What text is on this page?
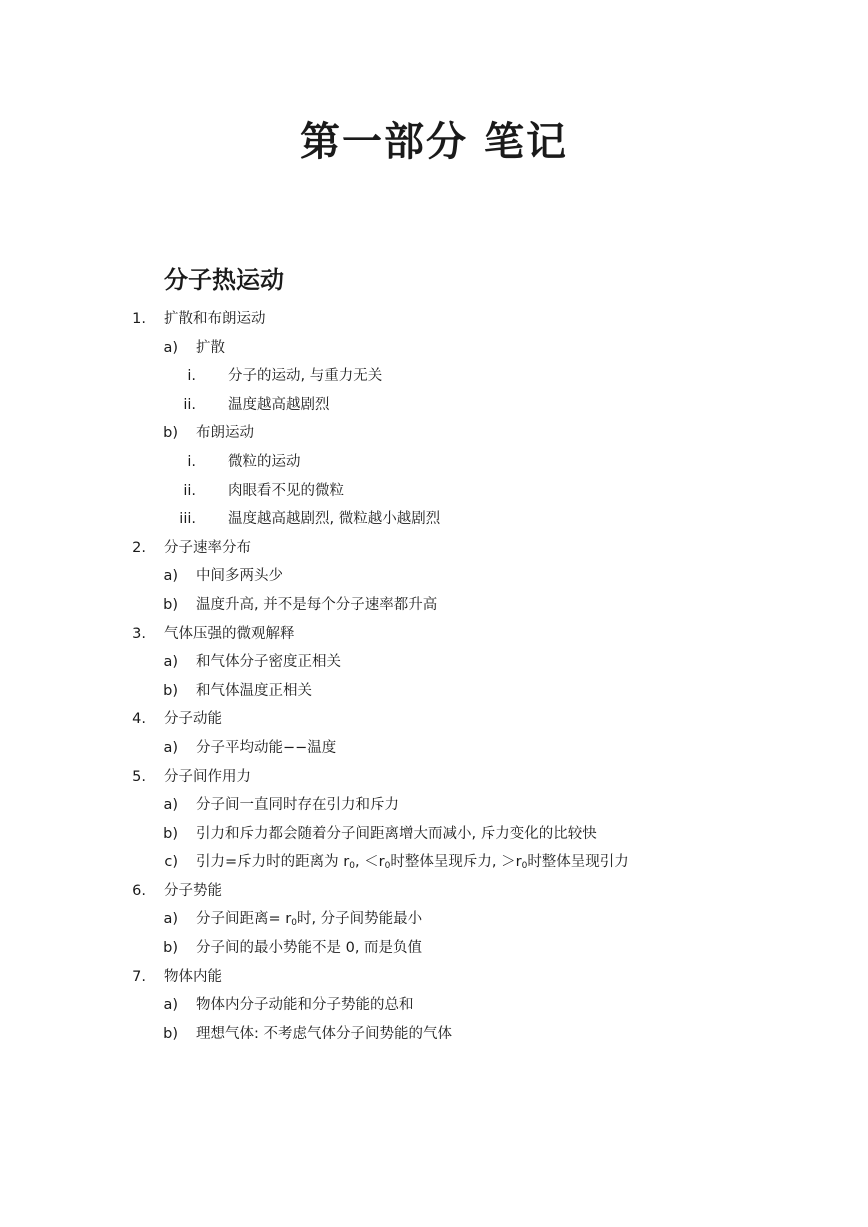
第一部分 笔记
分子热运动
1. 扩散和布朗运动
a) 扩散
i. 分子的运动, 与重力无关
ii. 温度越高越剧烈
b) 布朗运动
i. 微粒的运动
ii. 肉眼看不见的微粒
iii. 温度越高越剧烈, 微粒越小越剧烈
2. 分子速率分布
a) 中间多两头少
b) 温度升高, 并不是每个分子速率都升高
3. 气体压强的微观解释
a) 和气体分子密度正相关
b) 和气体温度正相关
4. 分子动能
a) 分子平均动能−−温度
5. 分子间作用力
a) 分子间一直同时存在引力和斥力
b) 引力和斥力都会随着分子间距离增大而减小, 斥力变化的比较快
c) 引力=斥力时的距离为 $r_0$, $<r_0$时整体呈现斥力, $>r_0$时整体呈现引力
6. 分子势能
a) 分子间距离= $r_0$时, 分子间势能最小
b) 分子间的最小势能不是 0, 而是负值
7. 物体内能
a) 物体内分子动能和分子势能的总和
b) 理想气体: 不考虑气体分子间势能的气体
